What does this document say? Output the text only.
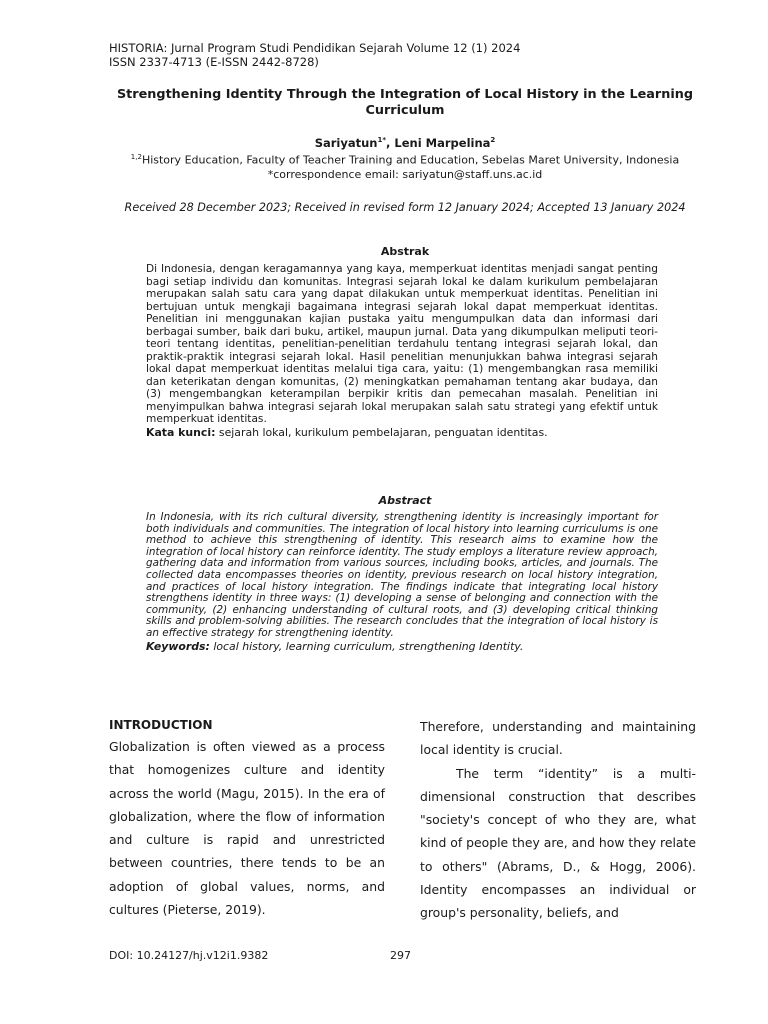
HISTORIA: Jurnal Program Studi Pendidikan Sejarah Volume 12 (1) 2024
ISSN 2337-4713 (E-ISSN 2442-8728)
Strengthening Identity Through the Integration of Local History in the Learning Curriculum
Sariyatun$^{1*}$, Leni Marpelina$^2$
$^{1,2}$History Education, Faculty of Teacher Training and Education, Sebelas Maret University, Indonesia
*correspondence email: sariyatun@staff.uns.ac.id
Received 28 December 2023; Received in revised form 12 January 2024; Accepted 13 January 2024
Abstrak
Di Indonesia, dengan keragamannya yang kaya, memperkuat identitas menjadi sangat penting bagi setiap individu dan komunitas. Integrasi sejarah lokal ke dalam kurikulum pembelajaran merupakan salah satu cara yang dapat dilakukan untuk memperkuat identitas. Penelitian ini bertujuan untuk mengkaji bagaimana integrasi sejarah lokal dapat memperkuat identitas. Penelitian ini menggunakan kajian pustaka yaitu mengumpulkan data dan informasi dari berbagai sumber, baik dari buku, artikel, maupun jurnal. Data yang dikumpulkan meliputi teori-teori tentang identitas, penelitian-penelitian terdahulu tentang integrasi sejarah lokal, dan praktik-praktik integrasi sejarah lokal. Hasil penelitian menunjukkan bahwa integrasi sejarah lokal dapat memperkuat identitas melalui tiga cara, yaitu: (1) mengembangkan rasa memiliki dan keterikatan dengan komunitas, (2) meningkatkan pemahaman tentang akar budaya, dan (3) mengembangkan keterampilan berpikir kritis dan pemecahan masalah. Penelitian ini menyimpulkan bahwa integrasi sejarah lokal merupakan salah satu strategi yang efektif untuk memperkuat identitas.
Kata kunci: sejarah lokal, kurikulum pembelajaran, penguatan identitas.
Abstract
In Indonesia, with its rich cultural diversity, strengthening identity is increasingly important for both individuals and communities. The integration of local history into learning curriculums is one method to achieve this strengthening of identity. This research aims to examine how the integration of local history can reinforce identity. The study employs a literature review approach, gathering data and information from various sources, including books, articles, and journals. The collected data encompasses theories on identity, previous research on local history integration, and practices of local history integration. The findings indicate that integrating local history strengthens identity in three ways: (1) developing a sense of belonging and connection with the community, (2) enhancing understanding of cultural roots, and (3) developing critical thinking skills and problem-solving abilities. The research concludes that the integration of local history is an effective strategy for strengthening identity.
Keywords: local history, learning curriculum, strengthening Identity.
INTRODUCTION
Globalization is often viewed as a process that homogenizes culture and identity across the world (Magu, 2015). In the era of globalization, where the flow of information and culture is rapid and unrestricted between countries, there tends to be an adoption of global values, norms, and cultures (Pieterse, 2019).
Therefore, understanding and maintaining local identity is crucial.
The term “identity” is a multi-dimensional construction that describes "society's concept of who they are, what kind of people they are, and how they relate to others" (Abrams, D., & Hogg, 2006). Identity encompasses an individual or group's personality, beliefs, and
DOI: 10.24127/hj.v12i1.9382	297
